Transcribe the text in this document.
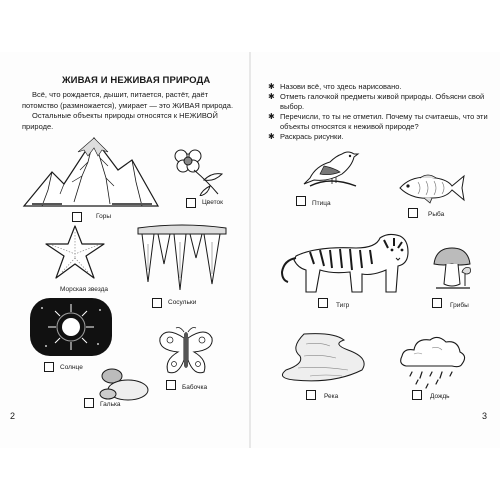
ЖИВАЯ И НЕЖИВАЯ ПРИРОДА

Всё, что рождается, дышит, питается, растёт, даёт потомство (размножается), умирает — это ЖИВАЯ природа.

Остальные объекты природы относятся к НЕЖИВОЙ природе.

Горы
Цветок
Морская звезда
Сосульки
Солнце
Бабочка
Галька
2
✱ Назови всё, что здесь нарисовано.
✱ Отметь галочкой предметы живой природы. Объясни свой выбор.
✱ Перечисли, то ты не отметил. Почему ты считаешь, что эти объекты относятся к неживой природе?
✱ Раскрась рисунки.
Птица
Рыба
Тигр	Грибы
Река	Дождь
3
